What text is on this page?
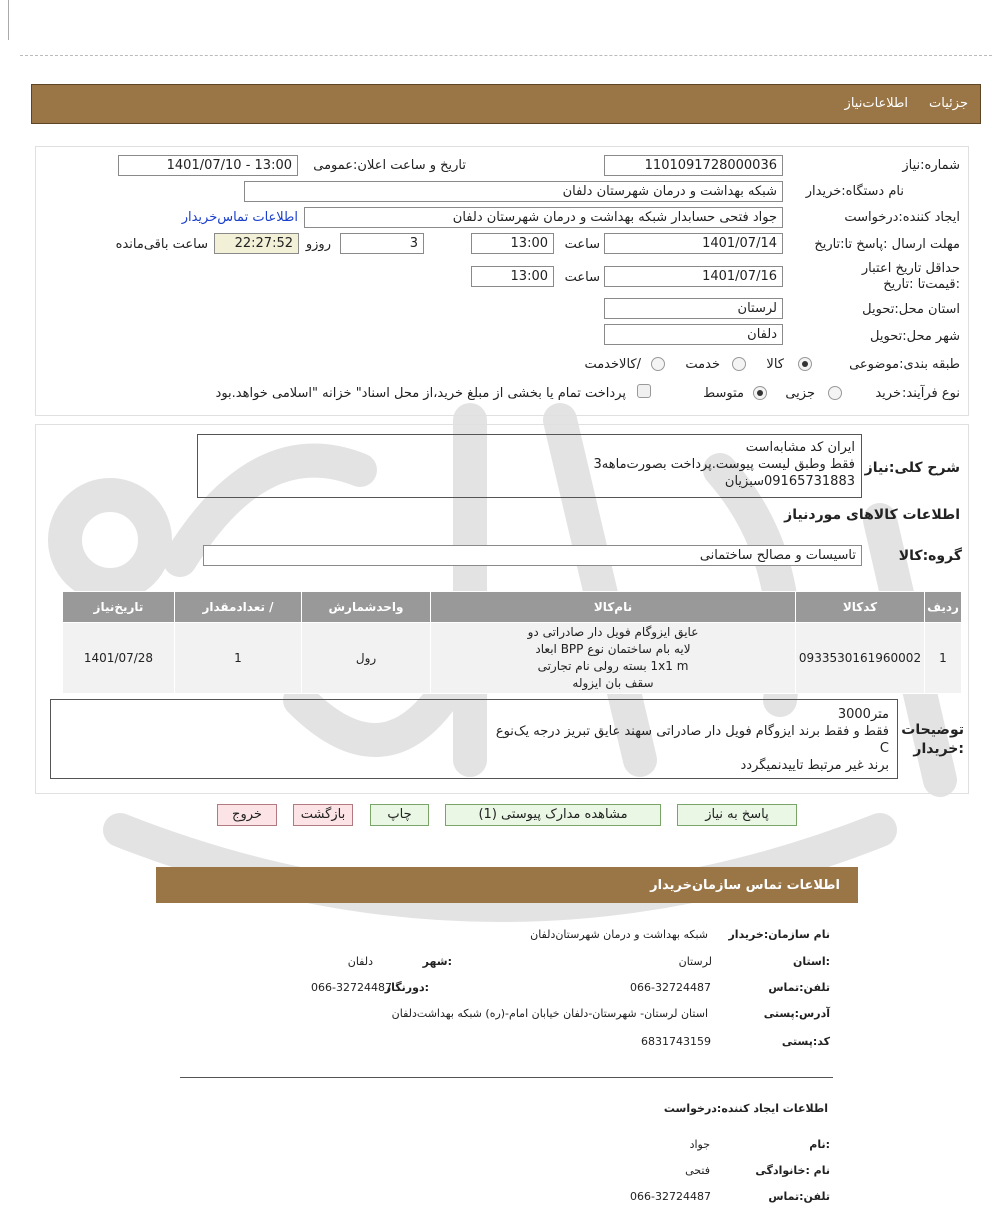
جزئیات
اطلاعات‌نیاز
شماره:نیاز
1101091728000036
تاریخ و ساعت اعلان:عمومی
1401/07/10 - 13:00
نام دستگاه:خریدار
شبکه بهداشت و درمان شهرستان دلفان
ایجاد کننده:درخواست
جواد فتحی حسابدار شبکه بهداشت و درمان شهرستان دلفان
اطلاعات تماس‌خریدار
مهلت ارسال :پاسخ تا:تاریخ
1401/07/14
ساعت
13:00
3
روزو
22:27:52
ساعت باقی‌مانده
حداقل تاریخ اعتبار :قیمت‌تا :تاریخ
1401/07/16
ساعت
13:00
استان محل:تحویل
لرستان
شهر محل:تحویل
دلفان
طبقه بندی:موضوعی
کالا
خدمت
/کالاخدمت
نوع فرآیند:
خرید
جزیی
متوسط
پرداخت تمام یا بخشی از مبلغ خرید،از محل اسناد" خزانه "اسلامی خواهد.بود
شرح کلی:نیاز
ایران کد مشابه‌است
فقط وطبق لیست پیوست.پرداخت بصورت‌ماهه3
09165731883سبزیان
اطلاعات کالاهای موردنیاز
گروه:کالا
تاسیسات و مصالح ساختمانی
ردیف	کدکالا	نام‌کالا	واحدشمارش	/ تعدادمقدار	تاریخ‌نیاز
1	0933530161960002	عایق ایزوگام فویل دار صادراتی دو
لایه بام ساختمان نوع BPP ابعاد
1x1 m بسته رولی نام تجارتی
سقف بان ایزوله	رول	1	1401/07/28
توضیحات
:خریدار
متر3000
فقط و فقط برند ایزوگام فویل دار صادراتی سهند عایق تبریز درجه یک‌نوع
C
برند غیر مرتبط تاییدنمیگردد
پاسخ به نیاز
مشاهده مدارک پیوستی (1)
چاپ
بازگشت
خروج
اطلاعات تماس سازمان‌خریدار
نام سازمان:خریدار
شبکه بهداشت و درمان شهرستان‌دلفان
:استان
لرستان
:شهر
دلفان
تلفن:تماس
066-32724487
:دورنگار
066-32724487
آدرس:پستی
استان لرستان- شهرستان-دلفان خیابان امام-(ره) شبکه بهداشت‌دلفان
کد:پستی
6831743159
اطلاعات ایجاد کننده:درخواست
:نام
جواد
نام :خانوادگی
فتحی
تلفن:تماس
066-32724487
